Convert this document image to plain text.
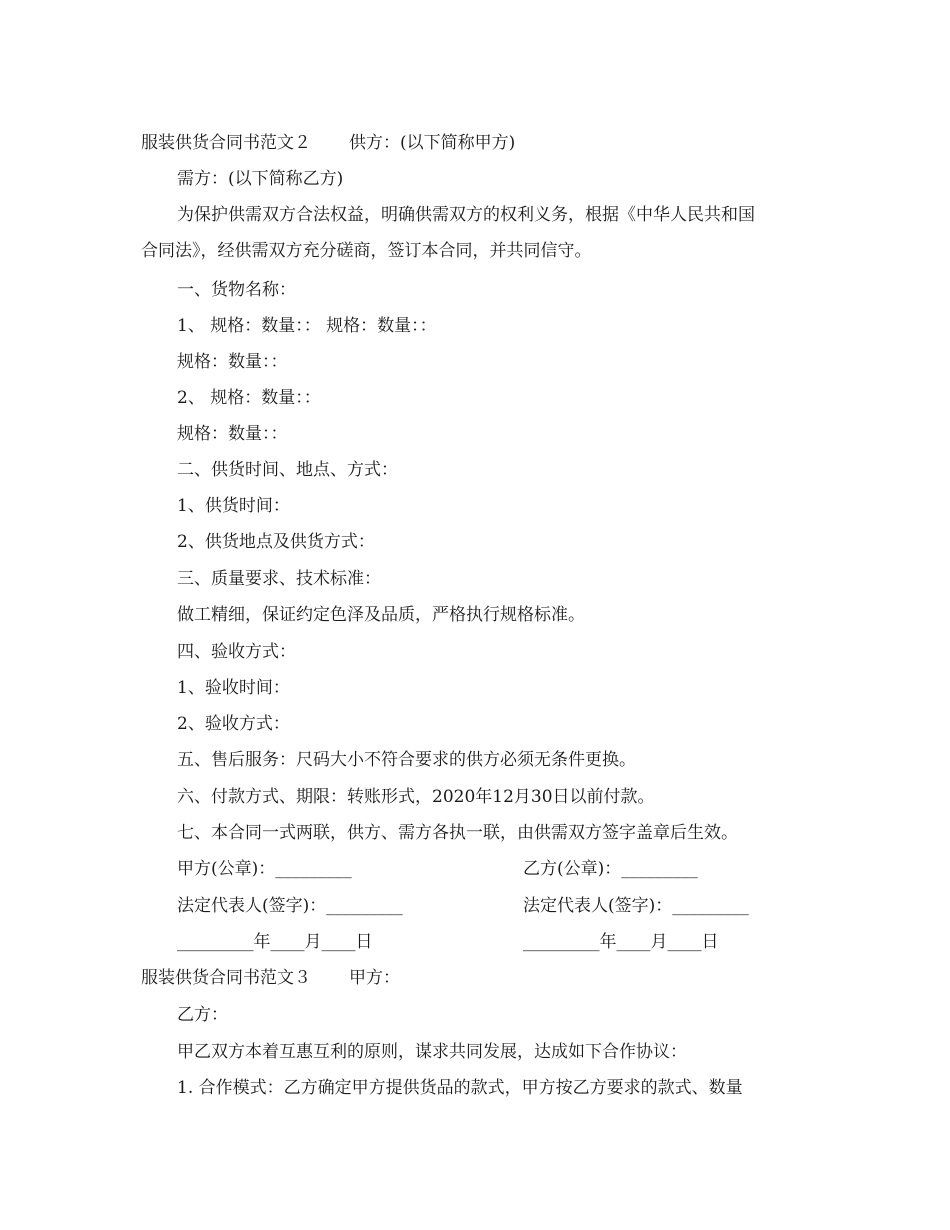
服装供货合同书范文２ 供方：(以下简称甲方)
需方：(以下简称乙方)
为保护供需双方合法权益，明确供需双方的权利义务，根据《中华人民共和国
合同法》，经供需双方充分磋商，签订本合同，并共同信守。
一、货物名称：
1、 规格：数量：： 规格：数量：：
规格：数量：：
2、 规格：数量：：
规格：数量：：
二、供货时间、地点、方式：
1、供货时间：
2、供货地点及供货方式：
三、质量要求、技术标准：
做工精细，保证约定色泽及品质，严格执行规格标准。
四、验收方式：
1、验收时间：
2、验收方式：
五、售后服务：尺码大小不符合要求的供方必须无条件更换。
六、付款方式、期限：转账形式，2020年12月30日以前付款。
七、本合同一式两联，供方、需方各执一联，由供需双方签字盖章后生效。
甲方(公章)：_________	乙方(公章)：_________
法定代表人(签字)：_________	法定代表人(签字)：_________
_________年____月____日	_________年____月____日
服装供货合同书范文３ 甲方：
乙方：
甲乙双方本着互惠互利的原则，谋求共同发展，达成如下合作协议：
1. 合作模式：乙方确定甲方提供货品的款式，甲方按乙方要求的款式、数量
